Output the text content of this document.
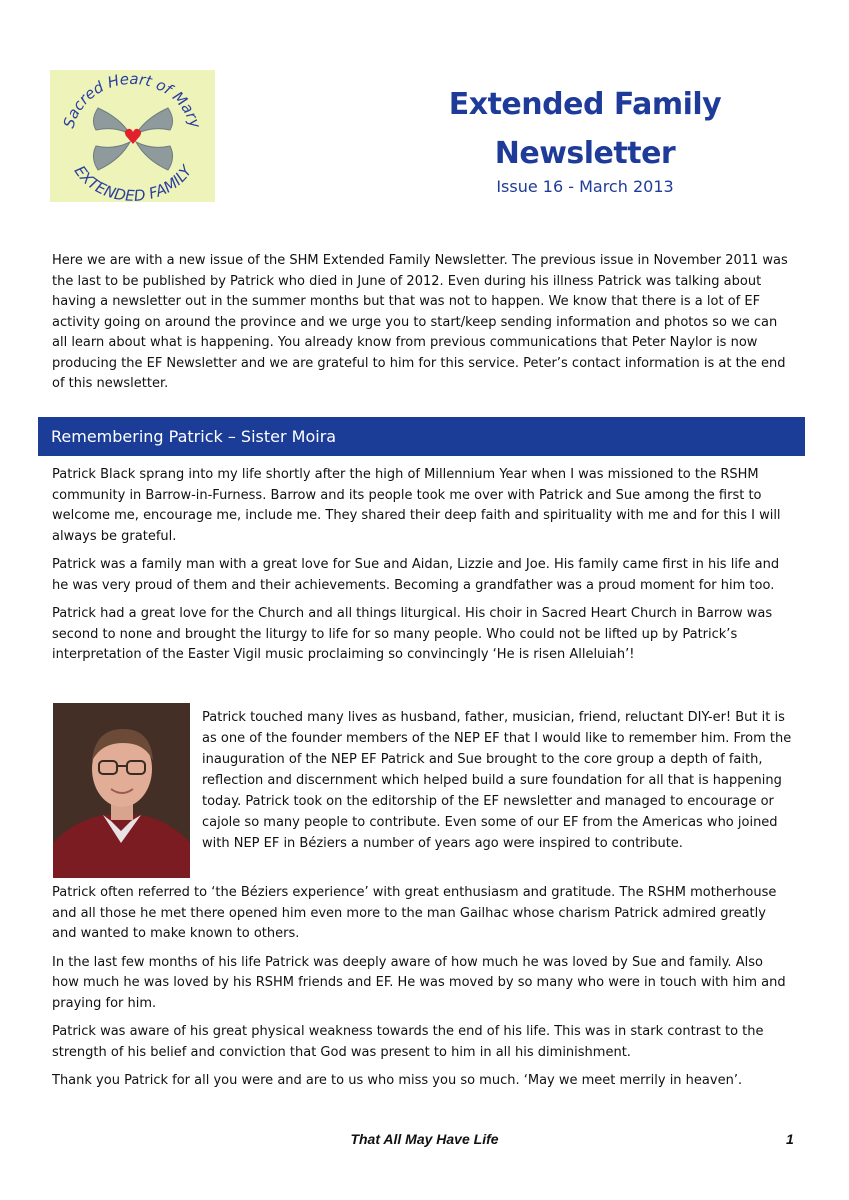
Sacred Heart of Mary
EXTENDED FAMILY
Extended Family
Newsletter
Issue 16 - March 2013

Here we are with a new issue of the SHM Extended Family Newsletter. The previous issue in November 2011 was the last to be published by Patrick who died in June of 2012. Even during his illness Patrick was talking about having a newsletter out in the summer months but that was not to happen. We know that there is a lot of EF activity going on around the province and we urge you to start/keep sending information and photos so we can all learn about what is happening. You already know from previous communications that Peter Naylor is now producing the EF Newsletter and we are grateful to him for this service. Peter’s contact information is at the end of this newsletter.

Remembering Patrick – Sister Moira

Patrick Black sprang into my life shortly after the high of Millennium Year when I was missioned to the RSHM community in Barrow-in-Furness. Barrow and its people took me over with Patrick and Sue among the first to welcome me, encourage me, include me. They shared their deep faith and spirituality with me and for this I will always be grateful.

Patrick was a family man with a great love for Sue and Aidan, Lizzie and Joe. His family came first in his life and he was very proud of them and their achievements. Becoming a grandfather was a proud moment for him too.

Patrick had a great love for the Church and all things liturgical. His choir in Sacred Heart Church in Barrow was second to none and brought the liturgy to life for so many people. Who could not be lifted up by Patrick’s interpretation of the Easter Vigil music proclaiming so convincingly ‘He is risen Alleluiah’!

Patrick touched many lives as husband, father, musician, friend, reluctant DIY-er! But it is as one of the founder members of the NEP EF that I would like to remember him. From the inauguration of the NEP EF Patrick and Sue brought to the core group a depth of faith, reflection and discernment which helped build a sure foundation for all that is happening today. Patrick took on the editorship of the EF newsletter and managed to encourage or cajole so many people to contribute. Even some of our EF from the Americas who joined with NEP EF in Béziers a number of years ago were inspired to contribute.

Patrick often referred to ‘the Béziers experience’ with great enthusiasm and gratitude. The RSHM motherhouse and all those he met there opened him even more to the man Gailhac whose charism Patrick admired greatly and wanted to make known to others.

In the last few months of his life Patrick was deeply aware of how much he was loved by Sue and family. Also how much he was loved by his RSHM friends and EF. He was moved by so many who were in touch with him and praying for him.

Patrick was aware of his great physical weakness towards the end of his life. This was in stark contrast to the strength of his belief and conviction that God was present to him in all his diminishment.

Thank you Patrick for all you were and are to us who miss you so much. ‘May we meet merrily in heaven’.

That All May Have Life	1
